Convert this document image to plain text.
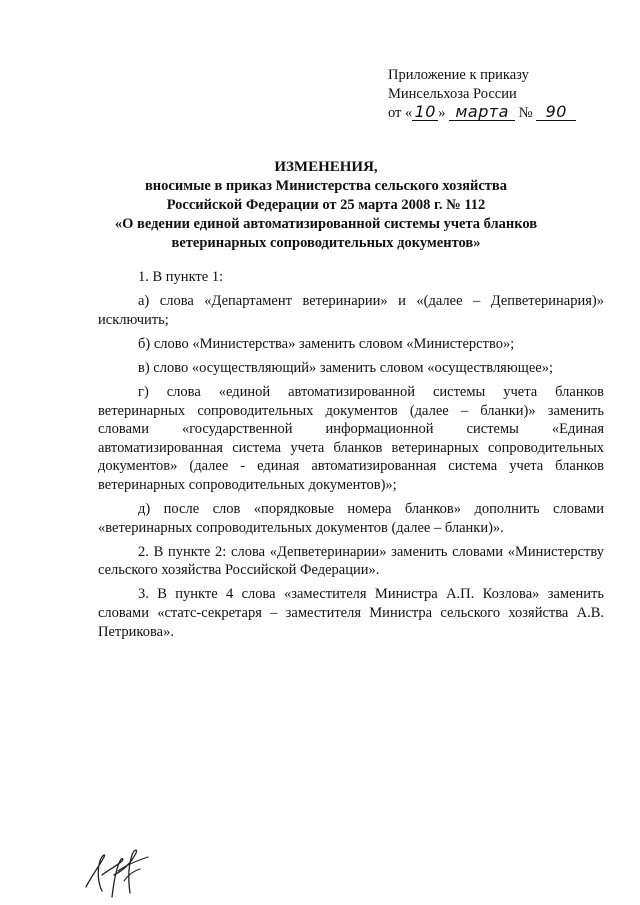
Приложение к приказу
Минсельхоза России
от « 10 » марта № 90
ИЗМЕНЕНИЯ,
вносимые в приказ Министерства сельского хозяйства
Российской Федерации от 25 марта 2008 г. № 112
«О ведении единой автоматизированной системы учета бланков
ветеринарных сопроводительных документов»

1. В пункте 1:

а) слова «Департамент ветеринарии» и «(далее – Депветеринария)» исключить;

б) слово «Министерства» заменить словом «Министерство»;

в) слово «осуществляющий» заменить словом «осуществляющее»;

г) слова «единой автоматизированной системы учета бланков ветеринарных сопроводительных документов (далее – бланки)» заменить словами «государственной информационной системы «Единая автоматизированная система учета бланков ветеринарных сопроводительных документов» (далее - единая автоматизированная система учета бланков ветеринарных сопроводительных документов)»;

д) после слов «порядковые номера бланков» дополнить словами «ветеринарных сопроводительных документов (далее – бланки)».

2. В пункте 2: слова «Депветеринарии» заменить словами «Министерству сельского хозяйства Российской Федерации».

3. В пункте 4 слова «заместителя Министра А.П. Козлова» заменить словами «статс-секретаря – заместителя Министра сельского хозяйства А.В. Петрикова».
